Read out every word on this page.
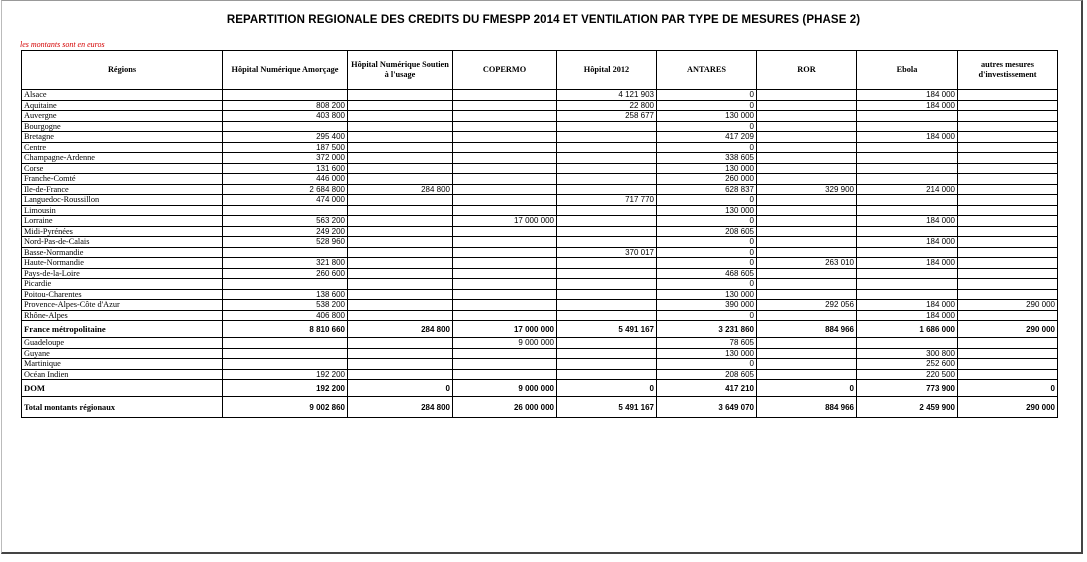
REPARTITION REGIONALE DES CREDITS DU FMESPP 2014 ET VENTILATION PAR TYPE DE MESURES (PHASE 2)
les montants sont en euros
Régions	Hôpital Numérique Amorçage	Hôpital Numérique Soutien à l'usage	COPERMO	Hôpital 2012	ANTARES	ROR	Ebola	autres mesures d'investissement
Alsace				4 121 903	0		184 000	
Aquitaine	808 200			22 800	0		184 000	
Auvergne	403 800			258 677	130 000			
Bourgogne					0			
Bretagne	295 400				417 209		184 000	
Centre	187 500				0			
Champagne-Ardenne	372 000				338 605			
Corse	131 600				130 000			
Franche-Comté	446 000				260 000			
Ile-de-France	2 684 800	284 800			628 837	329 900	214 000	
Languedoc-Roussillon	474 000			717 770	0			
Limousin					130 000			
Lorraine	563 200		17 000 000		0		184 000	
Midi-Pyrénées	249 200				208 605			
Nord-Pas-de-Calais	528 960				0		184 000	
Basse-Normandie				370 017	0			
Haute-Normandie	321 800				0	263 010	184 000	
Pays-de-la-Loire	260 600				468 605			
Picardie					0			
Poitou-Charentes	138 600				130 000			
Provence-Alpes-Côte d'Azur	538 200				390 000	292 056	184 000	290 000
Rhône-Alpes	406 800				0		184 000	
France métropolitaine	8 810 660	284 800	17 000 000	5 491 167	3 231 860	884 966	1 686 000	290 000
Guadeloupe			9 000 000		78 605			
Guyane					130 000		300 800	
Martinique					0		252 600	
Océan Indien	192 200				208 605		220 500	
DOM	192 200	0	9 000 000	0	417 210	0	773 900	0
Total montants régionaux	9 002 860	284 800	26 000 000	5 491 167	3 649 070	884 966	2 459 900	290 000
